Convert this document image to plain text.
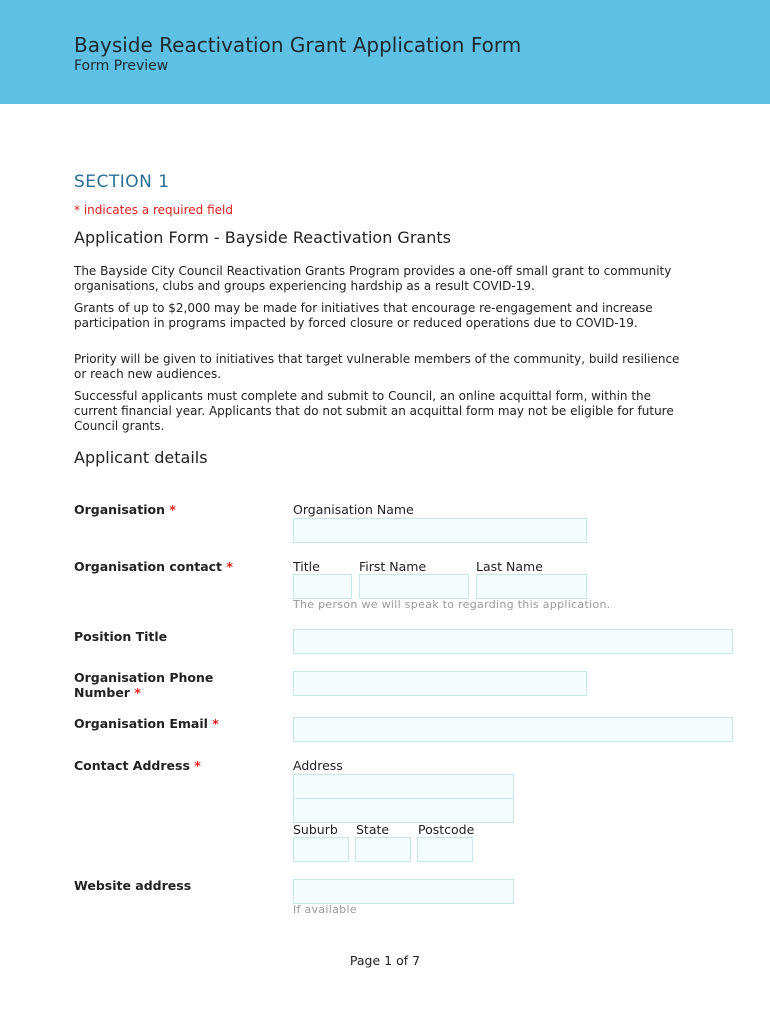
Bayside Reactivation Grant Application Form
Form Preview
SECTION 1
* indicates a required field
Application Form - Bayside Reactivation Grants
The Bayside City Council Reactivation Grants Program provides a one-off small grant to community organisations, clubs and groups experiencing hardship as a result COVID-19.
Grants of up to $2,000 may be made for initiatives that encourage re-engagement and increase participation in programs impacted by forced closure or reduced operations due to COVID-19.
Priority will be given to initiatives that target vulnerable members of the community, build resilience or reach new audiences.
Successful applicants must complete and submit to Council, an online acquittal form, within the current financial year. Applicants that do not submit an acquittal form may not be eligible for future Council grants.
Applicant details
Organisation *	Organisation Name
Organisation contact *	Title	First Name	Last Name
The person we will speak to regarding this application.
Position Title
Organisation Phone
Number *
Organisation Email *
Contact Address *	Address
Suburb State Postcode
Website address
If available
Page 1 of 7
